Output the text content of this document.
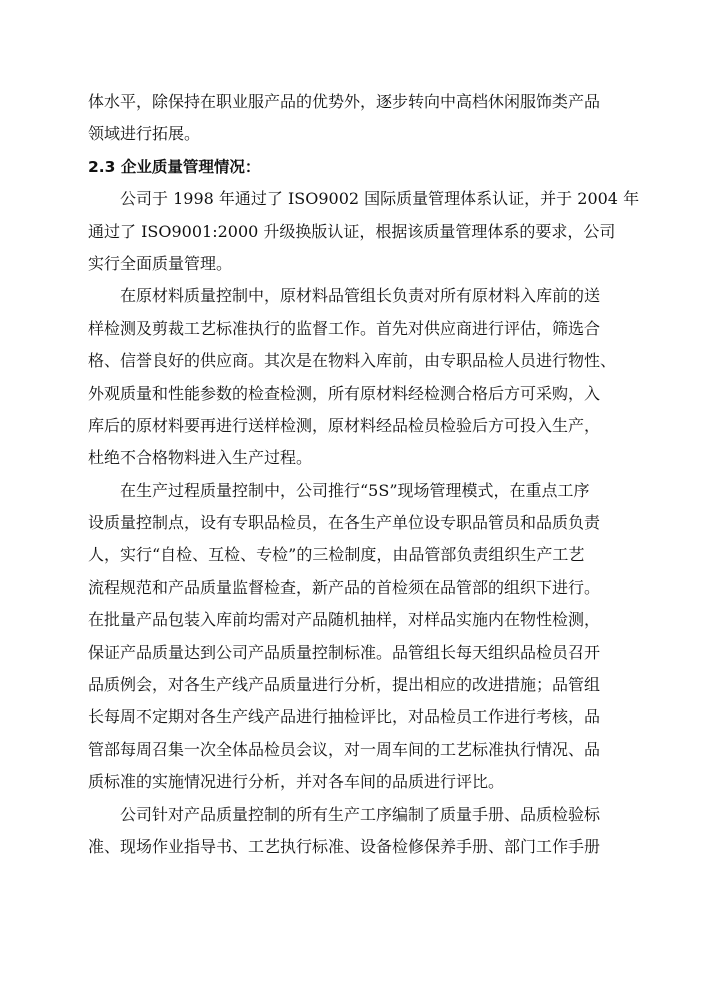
体水平，除保持在职业服产品的优势外，逐步转向中高档休闲服饰类产品
领域进行拓展。

2.3 企业质量管理情况：

公司于 1998 年通过了 ISO9002 国际质量管理体系认证，并于 2004 年
通过了 ISO9001:2000 升级换版认证，根据该质量管理体系的要求，公司
实行全面质量管理。

在原材料质量控制中，原材料品管组长负责对所有原材料入库前的送
样检测及剪裁工艺标准执行的监督工作。首先对供应商进行评估，筛选合
格、信誉良好的供应商。其次是在物料入库前，由专职品检人员进行物性、
外观质量和性能参数的检查检测，所有原材料经检测合格后方可采购，入
库后的原材料要再进行送样检测，原材料经品检员检验后方可投入生产，
杜绝不合格物料进入生产过程。

在生产过程质量控制中，公司推行“5S”现场管理模式，在重点工序
设质量控制点，设有专职品检员，在各生产单位设专职品管员和品质负责
人，实行“自检、互检、专检”的三检制度，由品管部负责组织生产工艺
流程规范和产品质量监督检查，新产品的首检须在品管部的组织下进行。
在批量产品包装入库前均需对产品随机抽样，对样品实施内在物性检测，
保证产品质量达到公司产品质量控制标准。品管组长每天组织品检员召开
品质例会，对各生产线产品质量进行分析，提出相应的改进措施；品管组
长每周不定期对各生产线产品进行抽检评比，对品检员工作进行考核，品
管部每周召集一次全体品检员会议，对一周车间的工艺标准执行情况、品
质标准的实施情况进行分析，并对各车间的品质进行评比。

公司针对产品质量控制的所有生产工序编制了质量手册、品质检验标
准、现场作业指导书、工艺执行标准、设备检修保养手册、部门工作手册
